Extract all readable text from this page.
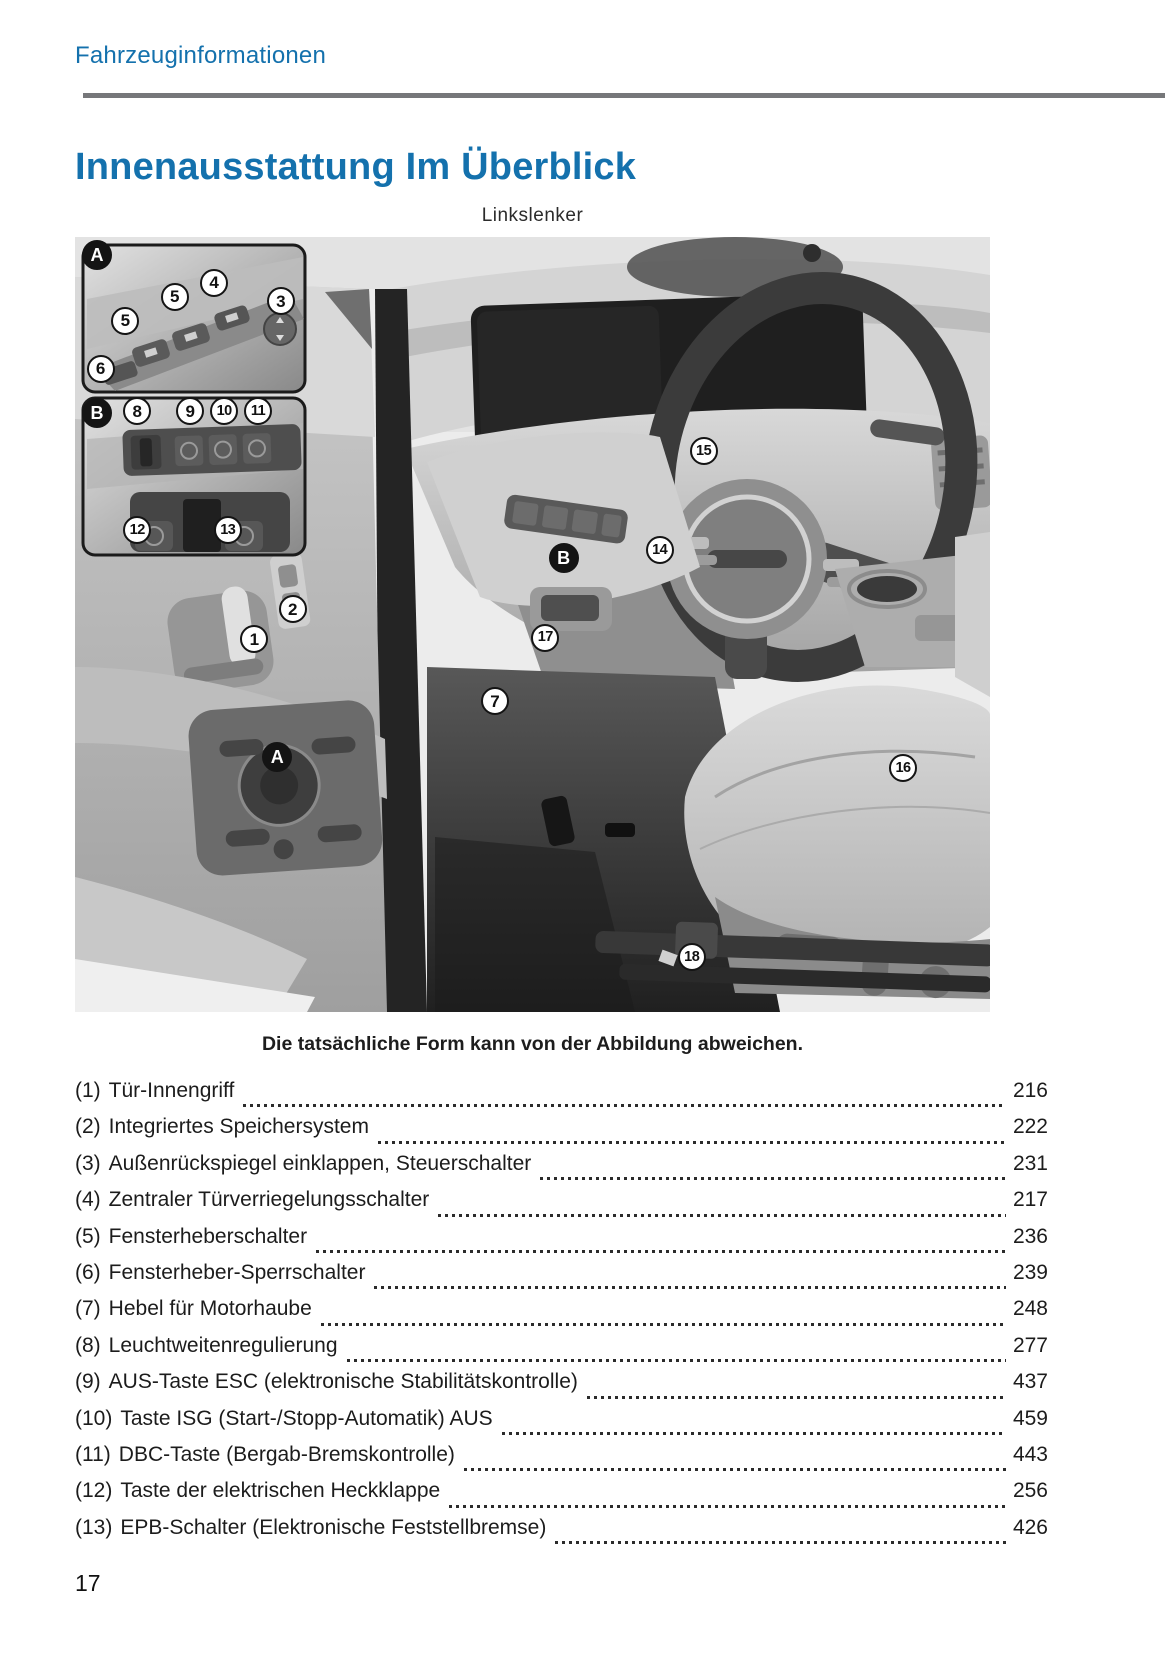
Fahrzeuginformationen
Innenausstattung Im Überblick
Linkslenker
A
4
5	3
5
6
B	8	9	10	11
12	13
15
14
B
2
1	17
7
A
16
18
Die tatsächliche Form kann von der Abbildung abweichen.
(1) Tür-Innengriff	216
(2) Integriertes Speichersystem	222
(3) Außenrückspiegel einklappen, Steuerschalter	231
(4) Zentraler Türverriegelungsschalter	217
(5) Fensterheberschalter	236
(6) Fensterheber-Sperrschalter	239
(7) Hebel für Motorhaube	248
(8) Leuchtweitenregulierung	277
(9) AUS-Taste ESC (elektronische Stabilitätskontrolle)	437
(10) Taste ISG (Start-/Stopp-Automatik) AUS	459
(11) DBC-Taste (Bergab-Bremskontrolle)	443
(12) Taste der elektrischen Heckklappe	256
(13) EPB-Schalter (Elektronische Feststellbremse)	426
17
